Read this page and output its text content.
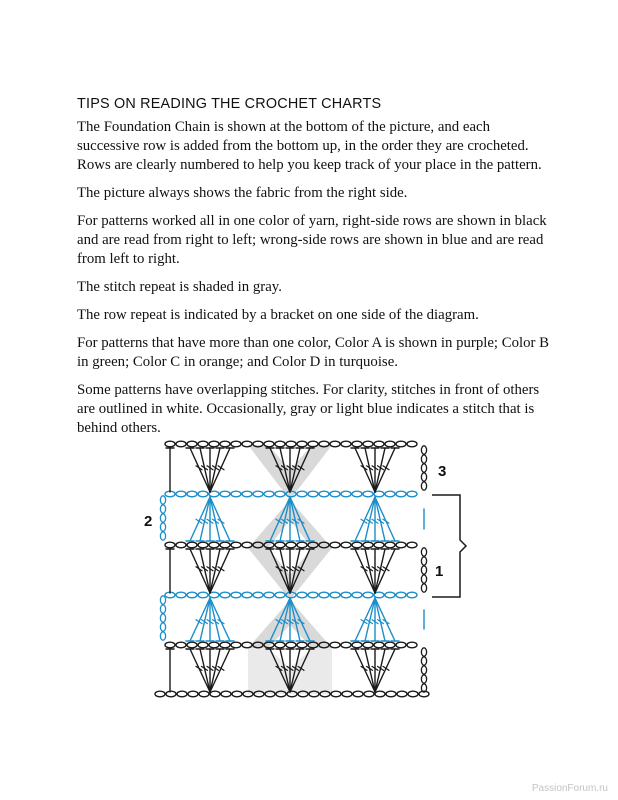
TIPS ON READING THE CROCHET CHARTS

The Foundation Chain is shown at the bottom of the picture, and each successive row is added from the bottom up, in the order they are crocheted. Rows are clearly numbered to help you keep track of your place in the pattern.

The picture always shows the fabric from the right side.

For patterns worked all in one color of yarn, right-side rows are shown in black and are read from right to left; wrong-side rows are shown in blue and are read from left to right.

The stitch repeat is shaded in gray.

The row repeat is indicated by a bracket on one side of the diagram.

For patterns that have more than one color, Color A is shown in purple; Color B in green; Color C in orange; and Color D in turquoise.

Some patterns have overlapping stitches. For clarity, stitches in front of others are outlined in white. Occasionally, gray or light blue indicates a stitch that is behind others.

3
2
1
PassionForum.ru
